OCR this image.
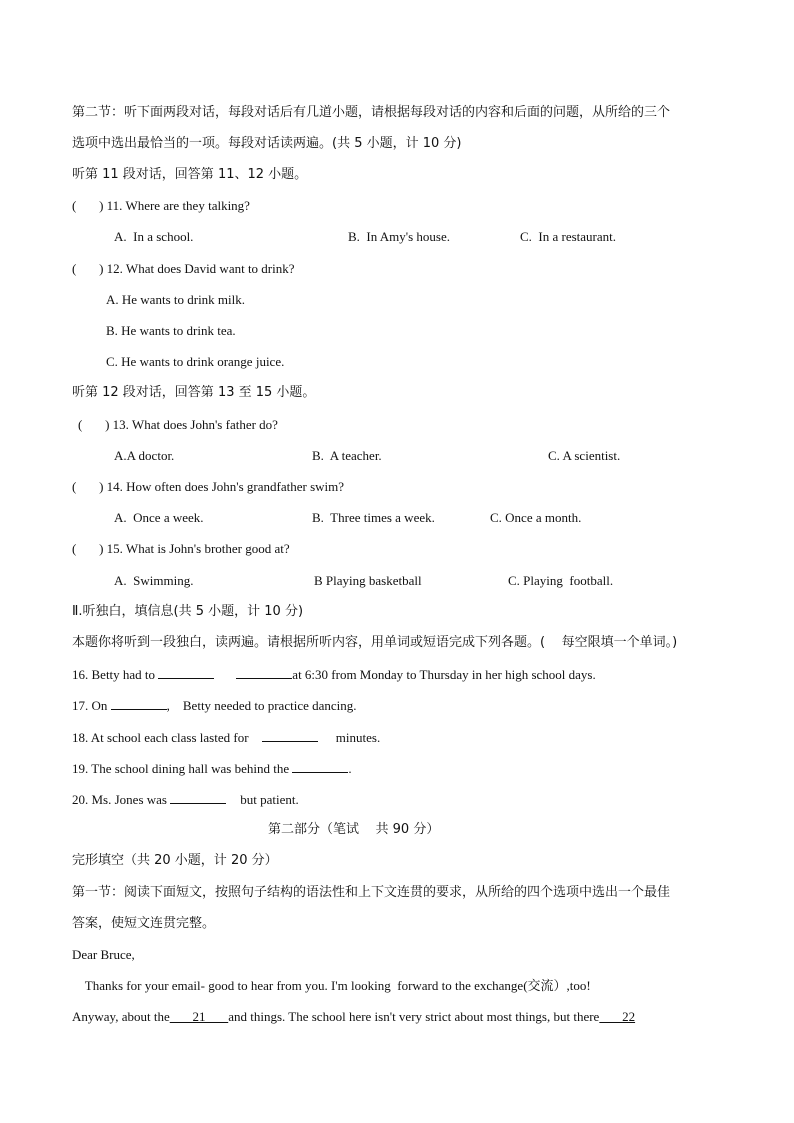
第二节：听下面两段对话，每段对话后有几道小题，请根据每段对话的内容和后面的问题，从所给的三个
选项中选出最恰当的一项。每段对话读两遍。(共 5 小题，计 10 分)
听第 11 段对话，回答第 11、12 小题。
(       ) 11. Where are they talking?
A.  In a school.	B.  In Amy's house.	C.  In a restaurant.
(       ) 12. What does David want to drink?
A. He wants to drink milk.
B. He wants to drink tea.
C. He wants to drink orange juice.
听第 12 段对话，回答第 13 至 15 小题。
(       ) 13. What does John's father do?
A.A doctor.	B.  A teacher.	C. A scientist.
(       ) 14. How often does John's grandfather swim?
A.  Once a week.	B.  Three times a week.	C. Once a month.
(       ) 15. What is John's brother good at?
A.  Swimming.	B Playing basketball	C. Playing  football.
Ⅱ.听独白，填信息(共 5 小题，计 10 分)
本题你将听到一段独白，读两遍。请根据所听内容，用单词或短语完成下列各题。(    每空限填一个单词。)
16. Betty had to	at 6:30 from Monday to Thursday in her high school days.
17. On	,    Betty needed to practice dancing.
18. At school each class lasted for	minutes.
19. The school dining hall was behind the	.
20. Ms. Jones was	but patient.
第二部分（笔试    共 90 分）
完形填空（共 20 小题，计 20 分）
第一节：阅读下面短文，按照句子结构的语法性和上下文连贯的要求，从所给的四个选项中选出一个最佳
答案，使短文连贯完整。
Dear Bruce,
Thanks for your email- good to hear from you. I'm looking  forward to the exchange(交流）,too!
Anyway, about the       21       and things. The school here isn't very strict about most things, but there       22
